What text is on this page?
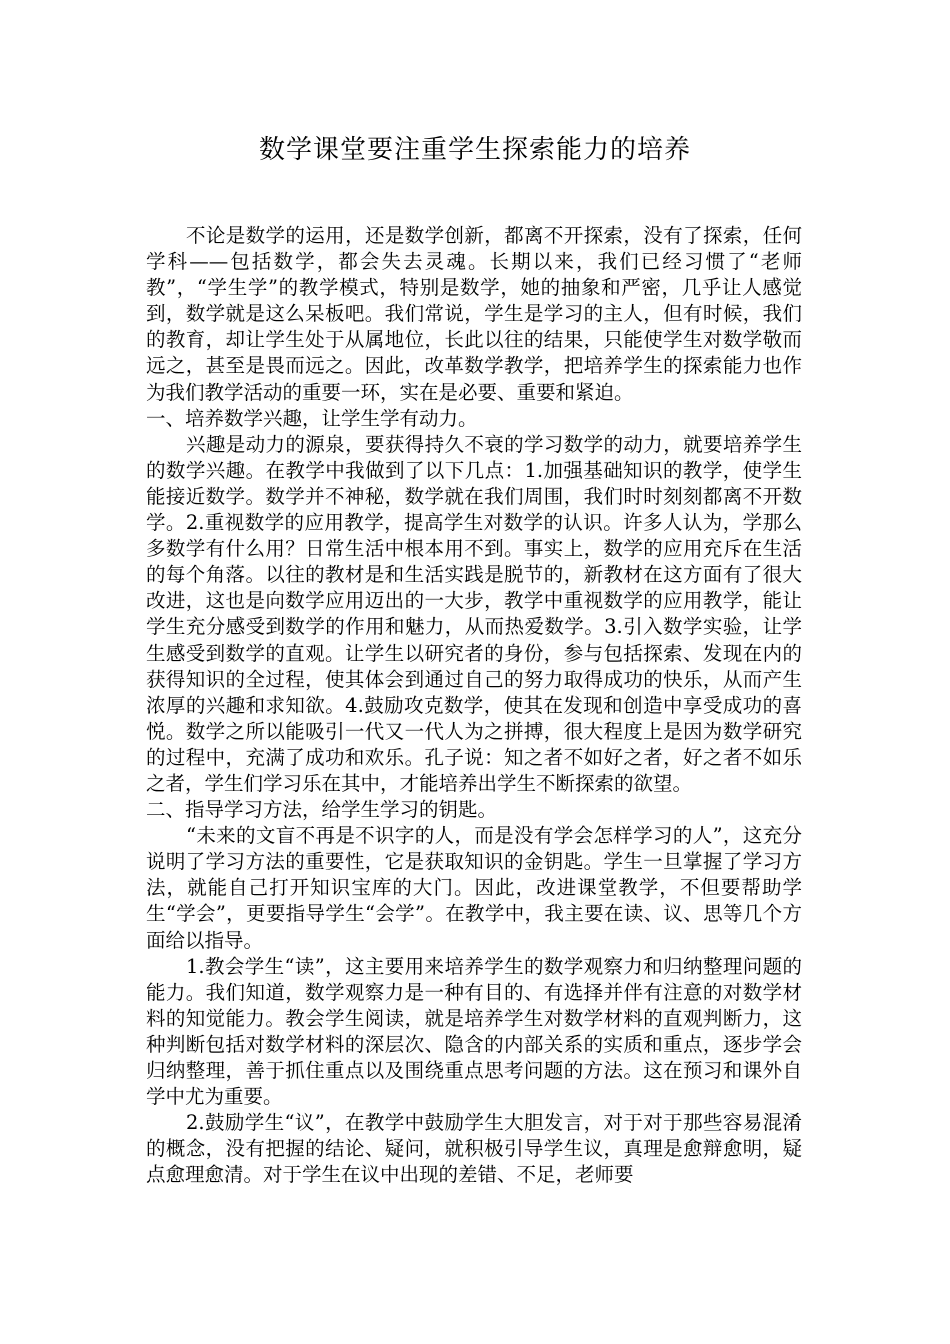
数学课堂要注重学生探索能力的培养

不论是数学的运用，还是数学创新，都离不开探索，没有了探索，任何学科——包括数学，都会失去灵魂。长期以来，我们已经习惯了“老师教”，“学生学”的教学模式，特别是数学，她的抽象和严密，几乎让人感觉到，数学就是这么呆板吧。我们常说，学生是学习的主人，但有时候，我们的教育，却让学生处于从属地位，长此以往的结果，只能使学生对数学敬而远之，甚至是畏而远之。因此，改革数学教学，把培养学生的探索能力也作为我们教学活动的重要一环，实在是必要、重要和紧迫。

一、培养数学兴趣，让学生学有动力。

兴趣是动力的源泉，要获得持久不衰的学习数学的动力，就要培养学生的数学兴趣。在教学中我做到了以下几点：1.加强基础知识的教学，使学生能接近数学。数学并不神秘，数学就在我们周围，我们时时刻刻都离不开数学。2.重视数学的应用教学，提高学生对数学的认识。许多人认为，学那么多数学有什么用？日常生活中根本用不到。事实上，数学的应用充斥在生活的每个角落。以往的教材是和生活实践是脱节的，新教材在这方面有了很大改进，这也是向数学应用迈出的一大步，教学中重视数学的应用教学，能让学生充分感受到数学的作用和魅力，从而热爱数学。3.引入数学实验，让学生感受到数学的直观。让学生以研究者的身份，参与包括探索、发现在内的获得知识的全过程，使其体会到通过自己的努力取得成功的快乐，从而产生浓厚的兴趣和求知欲。4.鼓励攻克数学，使其在发现和创造中享受成功的喜悦。数学之所以能吸引一代又一代人为之拼搏，很大程度上是因为数学研究的过程中，充满了成功和欢乐。孔子说：知之者不如好之者，好之者不如乐之者，学生们学习乐在其中，才能培养出学生不断探索的欲望。

二、指导学习方法，给学生学习的钥匙。

“未来的文盲不再是不识字的人，而是没有学会怎样学习的人”，这充分说明了学习方法的重要性，它是获取知识的金钥匙。学生一旦掌握了学习方法，就能自己打开知识宝库的大门。因此，改进课堂教学，不但要帮助学生“学会”，更要指导学生“会学”。在教学中，我主要在读、议、思等几个方面给以指导。

1.教会学生“读”，这主要用来培养学生的数学观察力和归纳整理问题的能力。我们知道，数学观察力是一种有目的、有选择并伴有注意的对数学材料的知觉能力。教会学生阅读，就是培养学生对数学材料的直观判断力，这种判断包括对数学材料的深层次、隐含的内部关系的实质和重点，逐步学会归纳整理，善于抓住重点以及围绕重点思考问题的方法。这在预习和课外自学中尤为重要。

2.鼓励学生“议”，在教学中鼓励学生大胆发言，对于对于那些容易混淆的概念，没有把握的结论、疑问，就积极引导学生议，真理是愈辩愈明，疑点愈理愈清。对于学生在议中出现的差错、不足，老师要
